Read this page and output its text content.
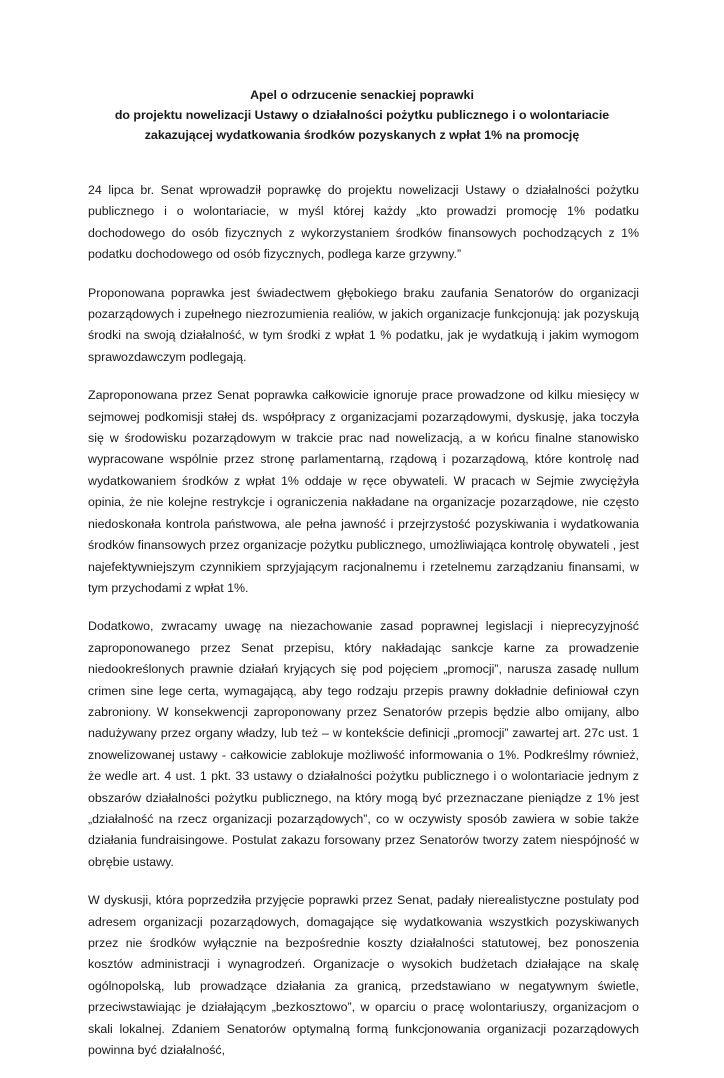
Apel o odrzucenie senackiej poprawki
do projektu nowelizacji Ustawy o działalności pożytku publicznego i o wolontariacie
zakazującej wydatkowania środków pozyskanych z wpłat 1% na promocję

24 lipca br. Senat wprowadził poprawkę do projektu nowelizacji Ustawy o działalności pożytku publicznego i o wolontariacie, w myśl której każdy „kto prowadzi promocję 1% podatku dochodowego do osób fizycznych z wykorzystaniem środków finansowych pochodzących z 1% podatku dochodowego od osób fizycznych, podlega karze grzywny.”

Proponowana poprawka jest świadectwem głębokiego braku zaufania Senatorów do organizacji pozarządowych i zupełnego niezrozumienia realiów, w jakich organizacje funkcjonują: jak pozyskują środki na swoją działalność, w tym środki z wpłat 1 % podatku, jak je wydatkują i jakim wymogom sprawozdawczym podlegają.

Zaproponowana przez Senat poprawka całkowicie ignoruje prace prowadzone od kilku miesięcy w sejmowej podkomisji stałej ds. współpracy z organizacjami pozarządowymi, dyskusję, jaka toczyła się w środowisku pozarządowym w trakcie prac nad nowelizacją, a w końcu finalne stanowisko wypracowane wspólnie przez stronę parlamentarną, rządową i pozarządową, które kontrolę nad wydatkowaniem środków z wpłat 1% oddaje w ręce obywateli. W pracach w Sejmie zwyciężyła opinia, że nie kolejne restrykcje i ograniczenia nakładane na organizacje pozarządowe, nie często niedoskonała kontrola państwowa, ale pełna jawność i przejrzystość pozyskiwania i wydatkowania środków finansowych przez organizacje pożytku publicznego, umożliwiająca kontrolę obywateli , jest najefektywniejszym czynnikiem sprzyjającym racjonalnemu i rzetelnemu zarządzaniu finansami, w tym przychodami z wpłat 1%.

Dodatkowo, zwracamy uwagę na niezachowanie zasad poprawnej legislacji i nieprecyzyjność zaproponowanego przez Senat przepisu, który nakładając sankcje karne za prowadzenie niedookreślonych prawnie działań kryjących się pod pojęciem „promocji”, narusza zasadę nullum crimen sine lege certa, wymagającą, aby tego rodzaju przepis prawny dokładnie definiował czyn zabroniony. W konsekwencji zaproponowany przez Senatorów przepis będzie albo omijany, albo nadużywany przez organy władzy, lub też – w kontekście definicji „promocji” zawartej art. 27c ust. 1 znowelizowanej ustawy - całkowicie zablokuje możliwość informowania o 1%. Podkreślmy również, że wedle art. 4 ust. 1 pkt. 33 ustawy o działalności pożytku publicznego i o wolontariacie jednym z obszarów działalności pożytku publicznego, na który mogą być przeznaczane pieniądze z 1% jest „działalność na rzecz organizacji pozarządowych”, co w oczywisty sposób zawiera w sobie także działania fundraisingowe. Postulat zakazu forsowany przez Senatorów tworzy zatem niespójność w obrębie ustawy.

W dyskusji, która poprzedziła przyjęcie poprawki przez Senat, padały nierealistyczne postulaty pod adresem organizacji pozarządowych, domagające się wydatkowania wszystkich pozyskiwanych przez nie środków wyłącznie na bezpośrednie koszty działalności statutowej, bez ponoszenia kosztów administracji i wynagrodzeń. Organizacje o wysokich budżetach działające na skalę ogólnopolską, lub prowadzące działania za granicą, przedstawiano w negatywnym świetle, przeciwstawiając je działającym „bezkosztowo”, w oparciu o pracę wolontariuszy, organizacjom o skali lokalnej. Zdaniem Senatorów optymalną formą funkcjonowania organizacji pozarządowych powinna być działalność,
